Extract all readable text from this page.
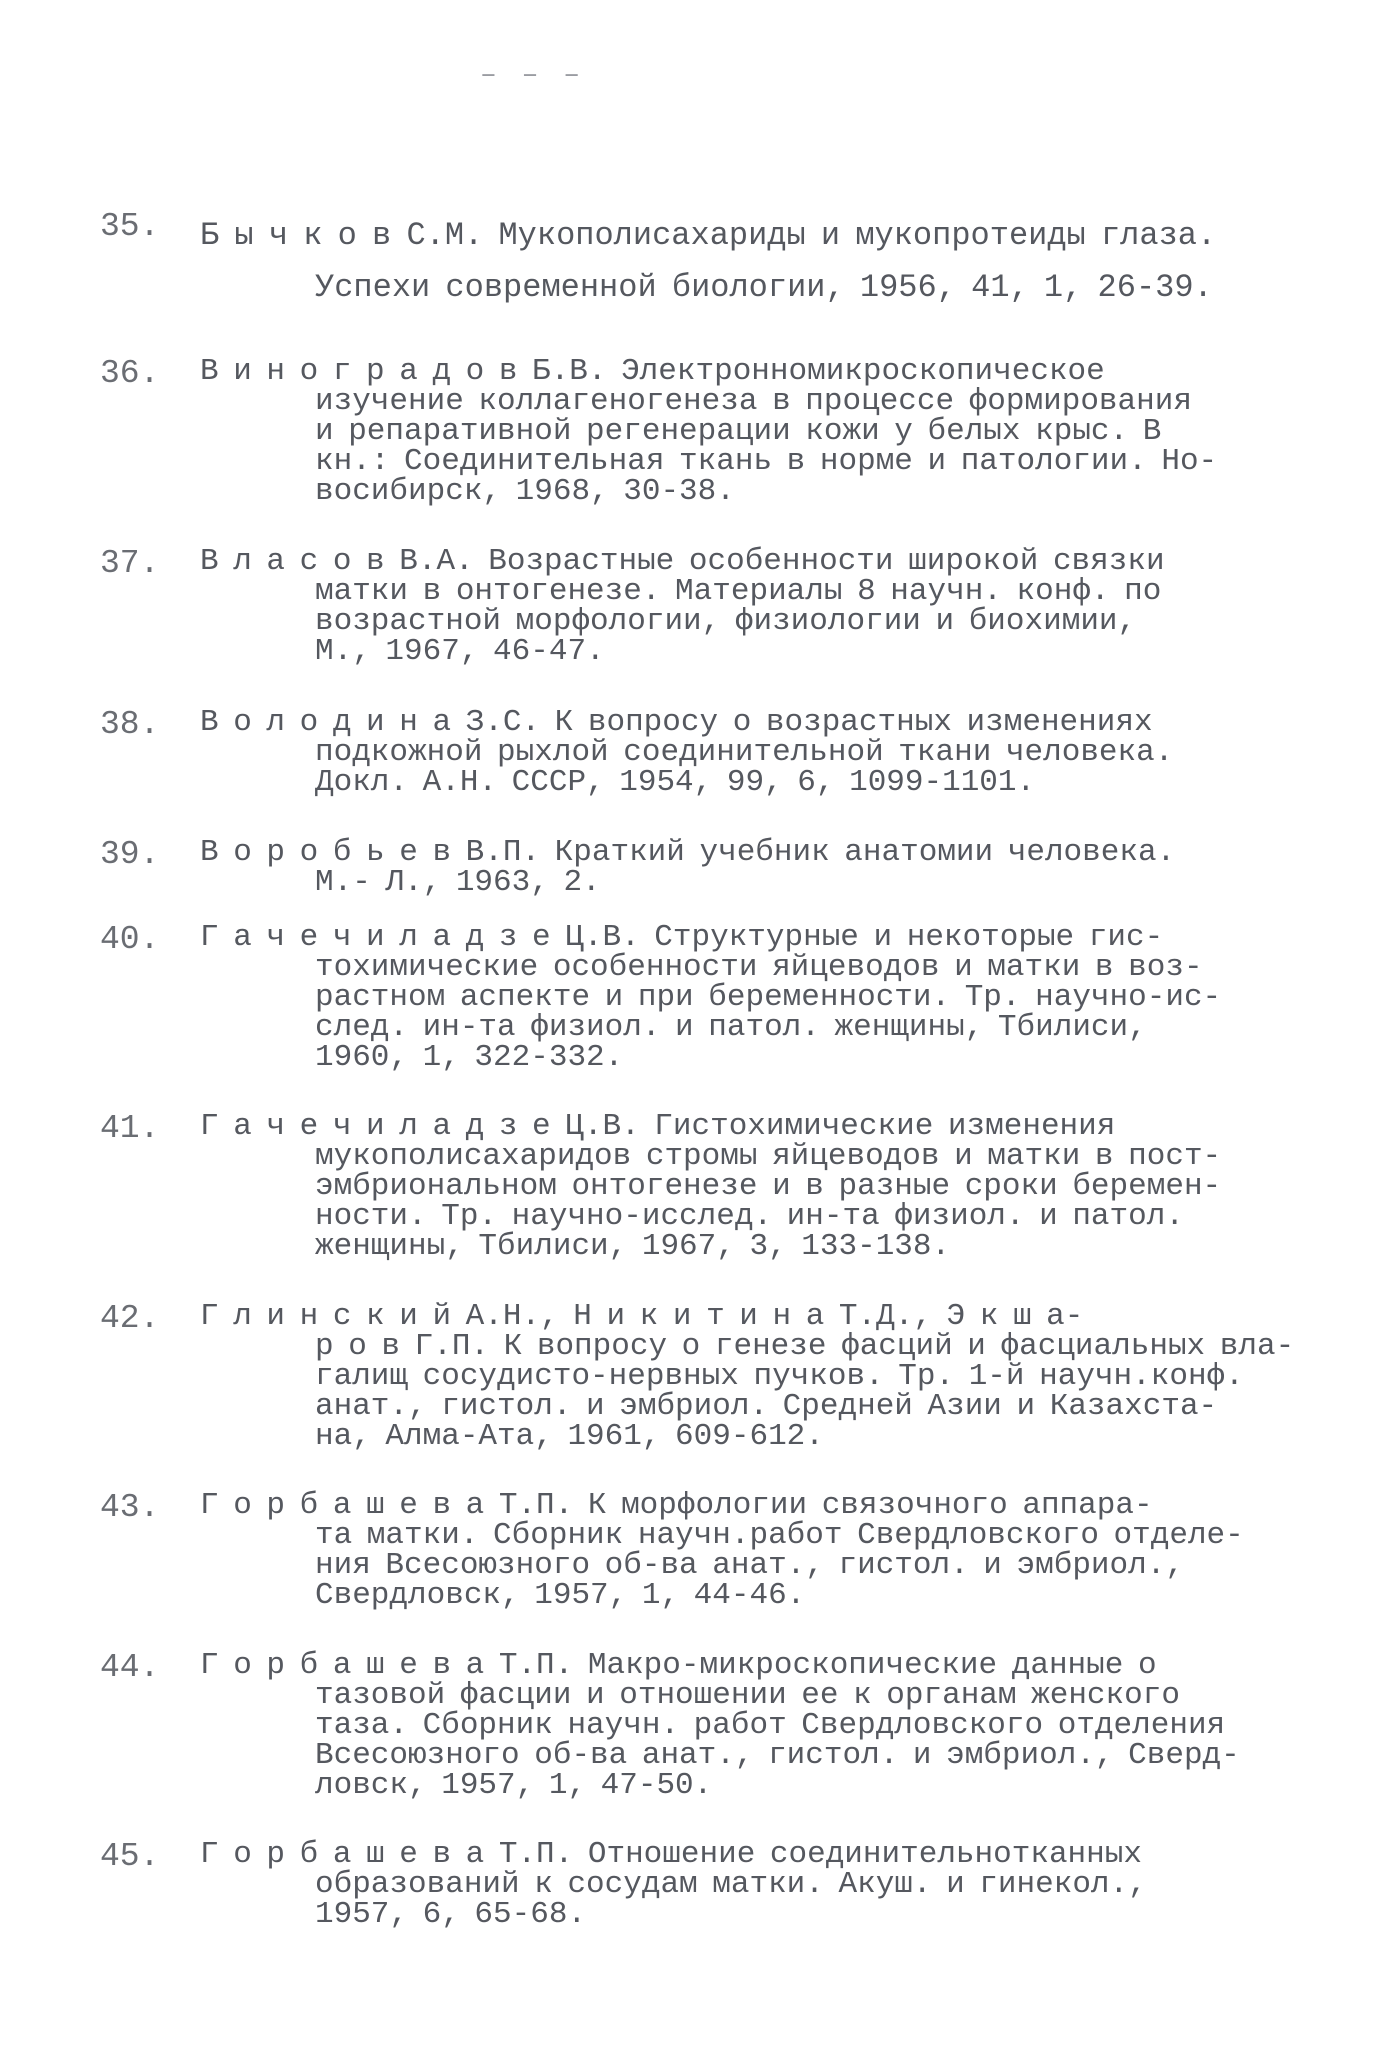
– – –
35.	Б ы ч к о в С.М. Мукополисахариды и мукопротеиды глаза.
Успехи современной биологии, 1956, 41, 1, 26-39.
36.	В и н о г р а д о в Б.В. Электронномикроскопическое
изучение коллагеногенеза в процессе формирования
и репаративной регенерации кожи у белых крыс. В
кн.: Соединительная ткань в норме и патологии. Но-
восибирск, 1968, 30-38.
37.	В л а с о в В.А. Возрастные особенности широкой связки
матки в онтогенезе. Материалы 8 научн. конф. по
возрастной морфологии, физиологии и биохимии,
М., 1967, 46-47.
38.	В о л о д и н а З.С. К вопросу о возрастных изменениях
подкожной рыхлой соединительной ткани человека.
Докл. А.Н. СССР, 1954, 99, 6, 1099-1101.
39.	В о р о б ь е в В.П. Краткий учебник анатомии человека.
М.- Л., 1963, 2.
40.	Г а ч е ч и л а д з е Ц.В. Структурные и некоторые гис-
тохимические особенности яйцеводов и матки в воз-
растном аспекте и при беременности. Тр. научно-ис-
след. ин-та физиол. и патол. женщины, Тбилиси,
1960, 1, 322-332.
41.	Г а ч е ч и л а д з е Ц.В. Гистохимические изменения
мукополисахаридов стромы яйцеводов и матки в пост-
эмбриональном онтогенезе и в разные сроки беремен-
ности. Тр. научно-исслед. ин-та физиол. и патол.
женщины, Тбилиси, 1967, 3, 133-138.
42.	Г л и н с к и й А.Н., Н и к и т и н а Т.Д., Э к ш а-
р о в Г.П. К вопросу о генезе фасций и фасциальных вла-
галищ сосудисто-нервных пучков. Тр. 1-й научн.конф.
анат., гистол. и эмбриол. Средней Азии и Казахста-
на, Алма-Ата, 1961, 609-612.
43.	Г о р б а ш е в а Т.П. К морфологии связочного аппара-
та матки. Сборник научн.работ Свердловского отделе-
ния Всесоюзного об-ва анат., гистол. и эмбриол.,
Свердловск, 1957, 1, 44-46.
44.	Г о р б а ш е в а Т.П. Макро-микроскопические данные о
тазовой фасции и отношении ее к органам женского
таза. Сборник научн. работ Свердловского отделения
Всесоюзного об-ва анат., гистол. и эмбриол., Сверд-
ловск, 1957, 1, 47-50.
45.	Г о р б а ш е в а Т.П. Отношение соединительнотканных
образований к сосудам матки. Акуш. и гинекол.,
1957, 6, 65-68.
